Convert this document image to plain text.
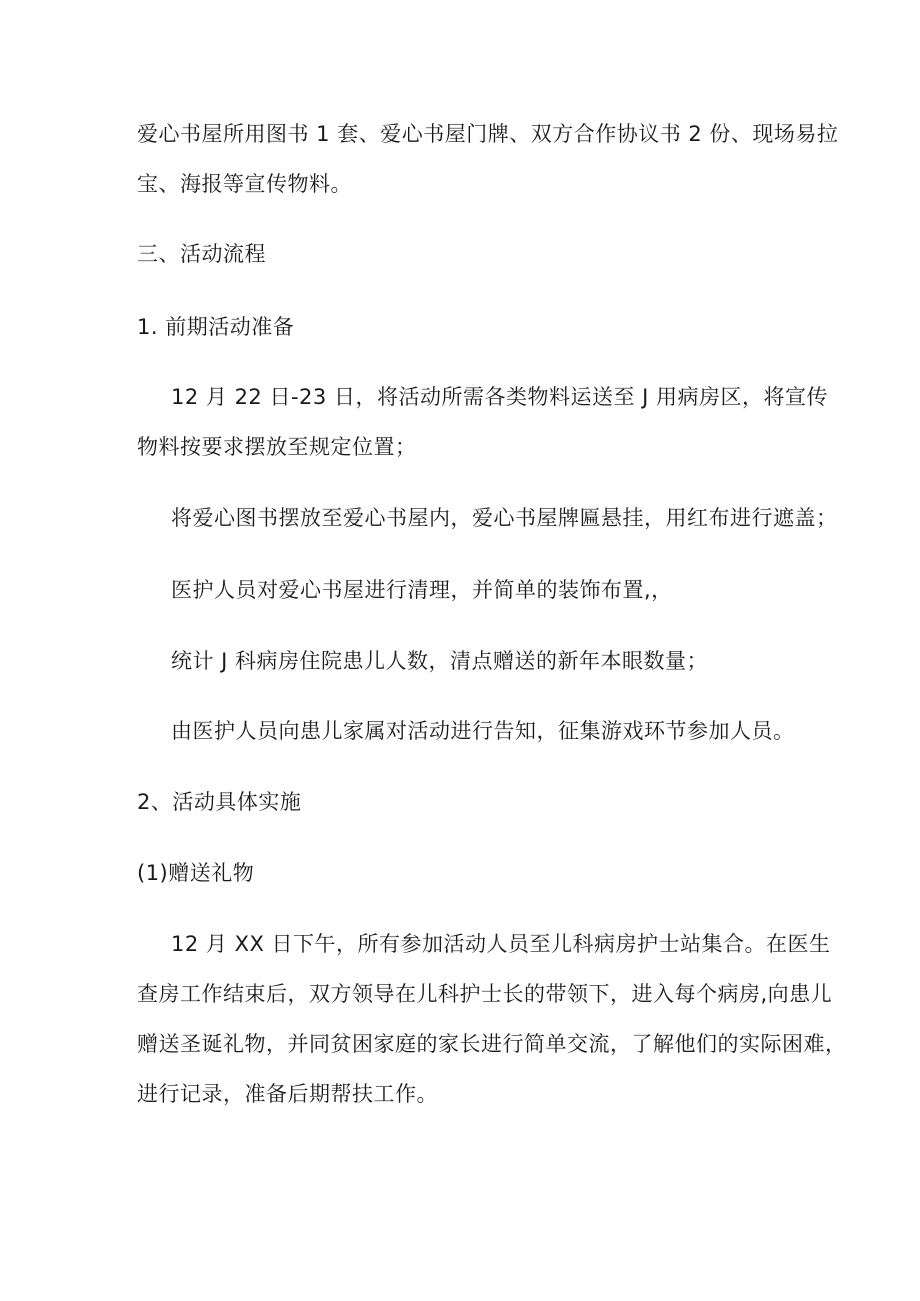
爱心书屋所用图书 1 套、爱心书屋门牌、双方合作协议书 2 份、现场易拉
宝、海报等宣传物料。
三、活动流程
1. 前期活动准备
12 月 22 日-23 日，将活动所需各类物料运送至 J 用病房区，将宣传
物料按要求摆放至规定位置；
将爱心图书摆放至爱心书屋内，爱心书屋牌匾悬挂，用红布进行遮盖；
医护人员对爱心书屋进行清理，并简单的装饰布置,，
统计 J 科病房住院患儿人数，清点赠送的新年本眼数量；
由医护人员向患儿家属对活动进行告知，征集游戏环节参加人员。
2、活动具体实施
(1)赠送礼物
12 月 XX 日下午，所有参加活动人员至儿科病房护士站集合。在医生
查房工作结束后，双方领导在儿科护士长的带领下，进入每个病房,向患儿
赠送圣诞礼物，并同贫困家庭的家长进行简单交流，了解他们的实际困难，
进行记录，准备后期帮扶工作。
